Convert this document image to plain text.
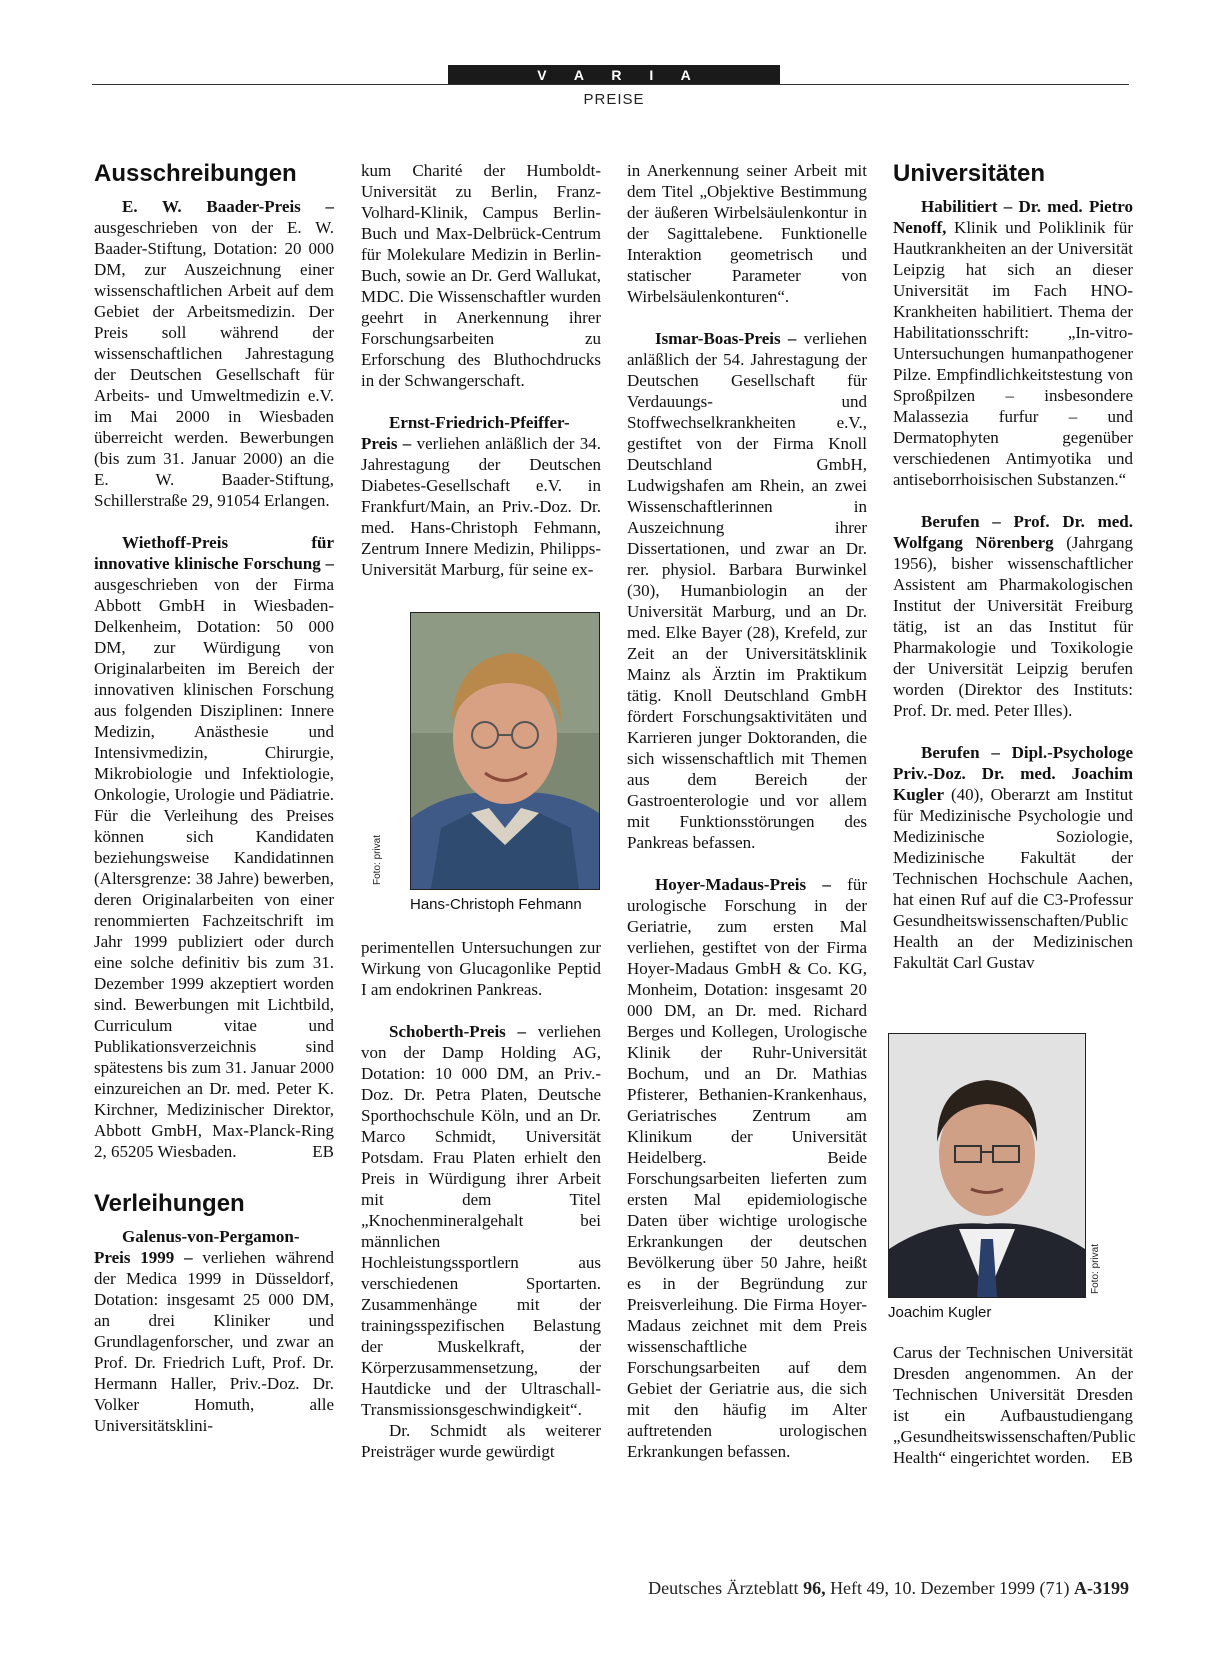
V A R I A
PREISE
Ausschreibungen

E. W. Baader-Preis – ausgeschrieben von der E. W. Baader-Stiftung, Dotation: 20 000 DM, zur Auszeichnung einer wissenschaftlichen Arbeit auf dem Gebiet der Arbeitsmedizin. Der Preis soll während der wissenschaftlichen Jahrestagung der Deutschen Gesellschaft für Arbeits- und Umweltmedizin e.V. im Mai 2000 in Wiesbaden überreicht werden. Bewerbungen (bis zum 31. Januar 2000) an die E. W. Baader-Stiftung, Schillerstraße 29, 91054 Erlangen.

Wiethoff-Preis für innovative klinische Forschung – ausgeschrieben von der Firma Abbott GmbH in Wiesbaden-Delkenheim, Dotation: 50 000 DM, zur Würdigung von Originalarbeiten im Bereich der innovativen klinischen Forschung aus folgenden Disziplinen: Innere Medizin, Anästhesie und Intensivmedizin, Chirurgie, Mikrobiologie und Infektiologie, Onkologie, Urologie und Pädiatrie. Für die Verleihung des Preises können sich Kandidaten beziehungsweise Kandidatinnen (Altersgrenze: 38 Jahre) bewerben, deren Originalarbeiten von einer renommierten Fachzeitschrift im Jahr 1999 publiziert oder durch eine solche definitiv bis zum 31. Dezember 1999 akzeptiert worden sind. Bewerbungen mit Lichtbild, Curriculum vitae und Publikationsverzeichnis sind spätestens bis zum 31. Januar 2000 einzureichen an Dr. med. Peter K. Kirchner, Medizinischer Direktor, Abbott GmbH, Max-Planck-Ring 2, 65205 Wiesbaden.	EB

Verleihungen

Galenus-von-Pergamon-Preis 1999 – verliehen während der Medica 1999 in Düsseldorf, Dotation: insgesamt 25 000 DM, an drei Kliniker und Grundlagenforscher, und zwar an Prof. Dr. Friedrich Luft, Prof. Dr. Hermann Haller, Priv.-Doz. Dr. Volker Homuth, alle Universitätsklini-

kum Charité der Humboldt-Universität zu Berlin, Franz-Volhard-Klinik, Campus Berlin-Buch und Max-Delbrück-Centrum für Molekulare Medizin in Berlin-Buch, sowie an Dr. Gerd Wallukat, MDC. Die Wissenschaftler wurden geehrt in Anerkennung ihrer Forschungsarbeiten zu Erforschung des Bluthochdrucks in der Schwangerschaft.

Ernst-Friedrich-Pfeiffer-Preis – verliehen anläßlich der 34. Jahrestagung der Deutschen Diabetes-Gesellschaft e.V. in Frankfurt/Main, an Priv.-Doz. Dr. med. Hans-Christoph Fehmann, Zentrum Innere Medizin, Philipps-Universität Marburg, für seine ex-

perimentellen Untersuchungen zur Wirkung von Glucagonlike Peptid I am endokrinen Pankreas.

Schoberth-Preis – verliehen von der Damp Holding AG, Dotation: 10 000 DM, an Priv.-Doz. Dr. Petra Platen, Deutsche Sporthochschule Köln, und an Dr. Marco Schmidt, Universität Potsdam. Frau Platen erhielt den Preis in Würdigung ihrer Arbeit mit dem Titel „Knochenmineralgehalt bei männlichen Hochleistungssportlern aus verschiedenen Sportarten. Zusammenhänge mit der trainingsspezifischen Belastung der Muskelkraft, der Körperzusammensetzung, der Hautdicke und der Ultraschall-Transmissionsgeschwindigkeit“.

Dr. Schmidt als weiterer Preisträger wurde gewürdigt

Foto: privat
Hans-Christoph Fehmann

in Anerkennung seiner Arbeit mit dem Titel „Objektive Bestimmung der äußeren Wirbelsäulenkontur in der Sagittalebene. Funktionelle Interaktion geometrisch und statischer Parameter von Wirbelsäulenkonturen“.

Ismar-Boas-Preis – verliehen anläßlich der 54. Jahrestagung der Deutschen Gesellschaft für Verdauungs- und Stoffwechselkrankheiten e.V., gestiftet von der Firma Knoll Deutschland GmbH, Ludwigshafen am Rhein, an zwei Wissenschaftlerinnen in Auszeichnung ihrer Dissertationen, und zwar an Dr. rer. physiol. Barbara Burwinkel (30), Humanbiologin an der Universität Marburg, und an Dr. med. Elke Bayer (28), Krefeld, zur Zeit an der Universitätsklinik Mainz als Ärztin im Praktikum tätig. Knoll Deutschland GmbH fördert Forschungsaktivitäten und Karrieren junger Doktoranden, die sich wissenschaftlich mit Themen aus dem Bereich der Gastroenterologie und vor allem mit Funktionsstörungen des Pankreas befassen.

Hoyer-Madaus-Preis – für urologische Forschung in der Geriatrie, zum ersten Mal verliehen, gestiftet von der Firma Hoyer-Madaus GmbH & Co. KG, Monheim, Dotation: insgesamt 20 000 DM, an Dr. med. Richard Berges und Kollegen, Urologische Klinik der Ruhr-Universität Bochum, und an Dr. Mathias Pfisterer, Bethanien-Krankenhaus, Geriatrisches Zentrum am Klinikum der Universität Heidelberg. Beide Forschungsarbeiten lieferten zum ersten Mal epidemiologische Daten über wichtige urologische Erkrankungen der deutschen Bevölkerung über 50 Jahre, heißt es in der Begründung zur Preisverleihung. Die Firma Hoyer-Madaus zeichnet mit dem Preis wissenschaftliche Forschungsarbeiten auf dem Gebiet der Geriatrie aus, die sich mit den häufig im Alter auftretenden urologischen Erkrankungen befassen.

Universitäten

Habilitiert – Dr. med. Pietro Nenoff, Klinik und Poliklinik für Hautkrankheiten an der Universität Leipzig hat sich an dieser Universität im Fach HNO-Krankheiten habilitiert. Thema der Habilitationsschrift: „In-vitro-Untersuchungen humanpathogener Pilze. Empfindlichkeitstestung von Sproßpilzen – insbesondere Malassezia furfur – und Dermatophyten gegenüber verschiedenen Antimyotika und antiseborrhoisischen Substanzen.“

Berufen – Prof. Dr. med. Wolfgang Nörenberg (Jahrgang 1956), bisher wissenschaftlicher Assistent am Pharmakologischen Institut der Universität Freiburg tätig, ist an das Institut für Pharmakologie und Toxikologie der Universität Leipzig berufen worden (Direktor des Instituts: Prof. Dr. med. Peter Illes).

Berufen – Dipl.-Psychologe Priv.-Doz. Dr. med. Joachim Kugler (40), Oberarzt am Institut für Medizinische Psychologie und Medizinische Soziologie, Medizinische Fakultät der Technischen Hochschule Aachen, hat einen Ruf auf die C3-Professur Gesundheitswissenschaften/Public Health an der Medizinischen Fakultät Carl Gustav

Carus der Technischen Universität Dresden angenommen. An der Technischen Universität Dresden ist ein Aufbaustudiengang „Gesundheitswissenschaften/Public Health“ eingerichtet worden. EB

Foto: privat
Joachim Kugler
Deutsches Ärzteblatt 96, Heft 49, 10. Dezember 1999 (71) A-3199
